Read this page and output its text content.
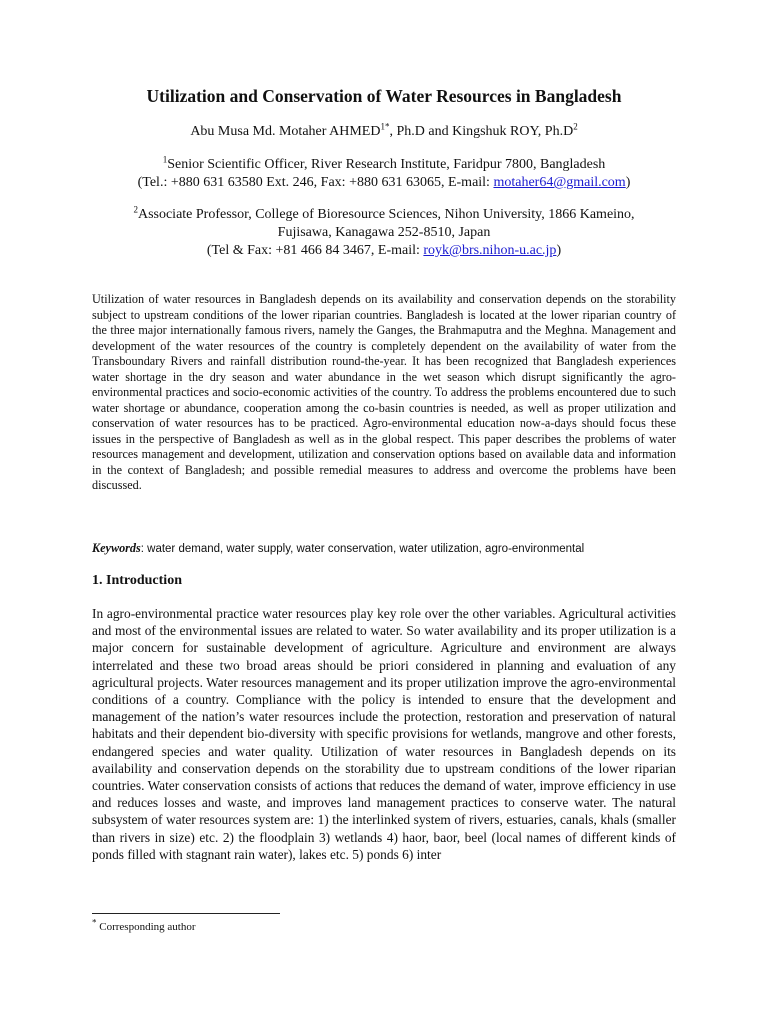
Utilization and Conservation of Water Resources in Bangladesh
Abu Musa Md. Motaher $AHMED^{1*}$, Ph.D and Kingshuk ROY, $Ph.D^2$
$^1$Senior Scientific Officer, River Research Institute, Faridpur 7800, Bangladesh
(Tel.: +880 631 63580 Ext. 246, Fax: +880 631 63065, E-mail: motaher64@gmail.com)
$^2$Associate Professor, College of Bioresource Sciences, Nihon University, 1866 Kameino,
Fujisawa, Kanagawa 252-8510, Japan
(Tel & Fax: +81 466 84 3467, E-mail: royk@brs.nihon-u.ac.jp)

Utilization of water resources in Bangladesh depends on its availability and conservation depends on the storability subject to upstream conditions of the lower riparian countries. Bangladesh is located at the lower riparian country of the three major internationally famous rivers, namely the Ganges, the Brahmaputra and the Meghna. Management and development of the water resources of the country is completely dependent on the availability of water from the Transboundary Rivers and rainfall distribution round-the-year. It has been recognized that Bangladesh experiences water shortage in the dry season and water abundance in the wet season which disrupt significantly the agro-environmental practices and socio-economic activities of the country. To address the problems encountered due to such water shortage or abundance, cooperation among the co-basin countries is needed, as well as proper utilization and conservation of water resources has to be practiced. Agro-environmental education now-a-days should focus these issues in the perspective of Bangladesh as well as in the global respect. This paper describes the problems of water resources management and development, utilization and conservation options based on available data and information in the context of Bangladesh; and possible remedial measures to address and overcome the problems have been discussed.

Keywords: water demand, water supply, water conservation, water utilization, agro-environmental

1. Introduction

In agro-environmental practice water resources play key role over the other variables. Agricultural activities and most of the environmental issues are related to water. So water availability and its proper utilization is a major concern for sustainable development of agriculture. Agriculture and environment are always interrelated and these two broad areas should be priori considered in planning and evaluation of any agricultural projects. Water resources management and its proper utilization improve the agro-environmental conditions of a country. Compliance with the policy is intended to ensure that the development and management of the nation’s water resources include the protection, restoration and preservation of natural habitats and their dependent bio-diversity with specific provisions for wetlands, mangrove and other forests, endangered species and water quality. Utilization of water resources in Bangladesh depends on its availability and conservation depends on the storability due to upstream conditions of the lower riparian countries. Water conservation consists of actions that reduces the demand of water, improve efficiency in use and reduces losses and waste, and improves land management practices to conserve water. The natural subsystem of water resources system are: 1) the interlinked system of rivers, estuaries, canals, khals (smaller than rivers in size) etc. 2) the floodplain 3) wetlands 4) haor, baor, beel (local names of different kinds of ponds filled with stagnant rain water), lakes etc. 5) ponds 6) inter

* Corresponding author
